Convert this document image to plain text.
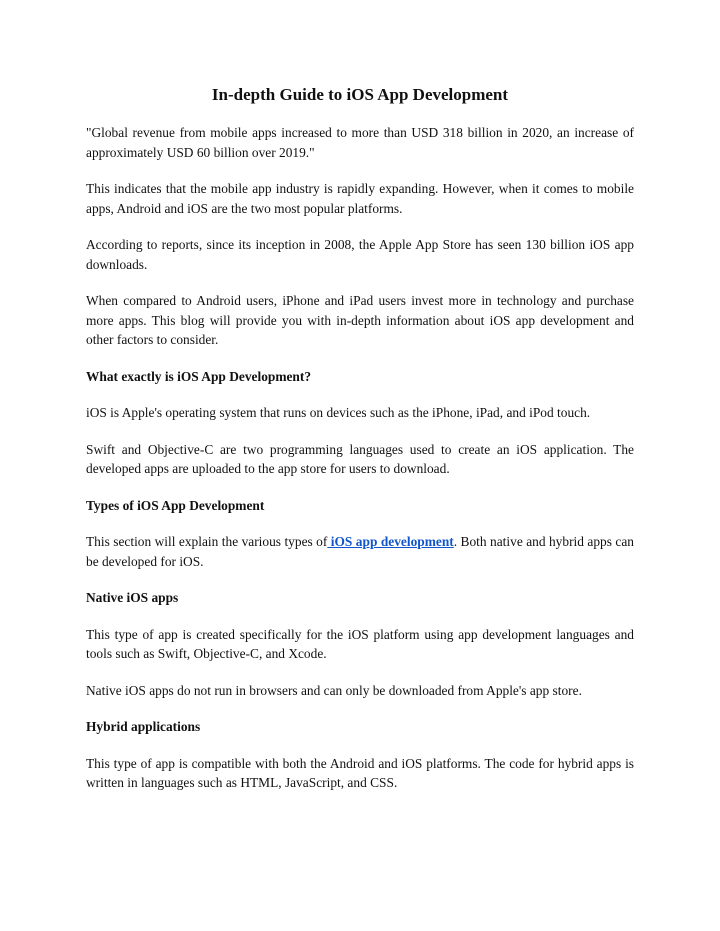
In-depth Guide to iOS App Development

"Global revenue from mobile apps increased to more than USD 318 billion in 2020, an increase of approximately USD 60 billion over 2019."

This indicates that the mobile app industry is rapidly expanding. However, when it comes to mobile apps, Android and iOS are the two most popular platforms.

According to reports, since its inception in 2008, the Apple App Store has seen 130 billion iOS app downloads.

When compared to Android users, iPhone and iPad users invest more in technology and purchase more apps. This blog will provide you with in-depth information about iOS app development and other factors to consider.

What exactly is iOS App Development?

iOS is Apple's operating system that runs on devices such as the iPhone, iPad, and iPod touch.

Swift and Objective-C are two programming languages used to create an iOS application. The developed apps are uploaded to the app store for users to download.

Types of iOS App Development

This section will explain the various types of iOS app development. Both native and hybrid apps can be developed for iOS.

Native iOS apps

This type of app is created specifically for the iOS platform using app development languages and tools such as Swift, Objective-C, and Xcode.

Native iOS apps do not run in browsers and can only be downloaded from Apple's app store.

Hybrid applications

This type of app is compatible with both the Android and iOS platforms. The code for hybrid apps is written in languages such as HTML, JavaScript, and CSS.
